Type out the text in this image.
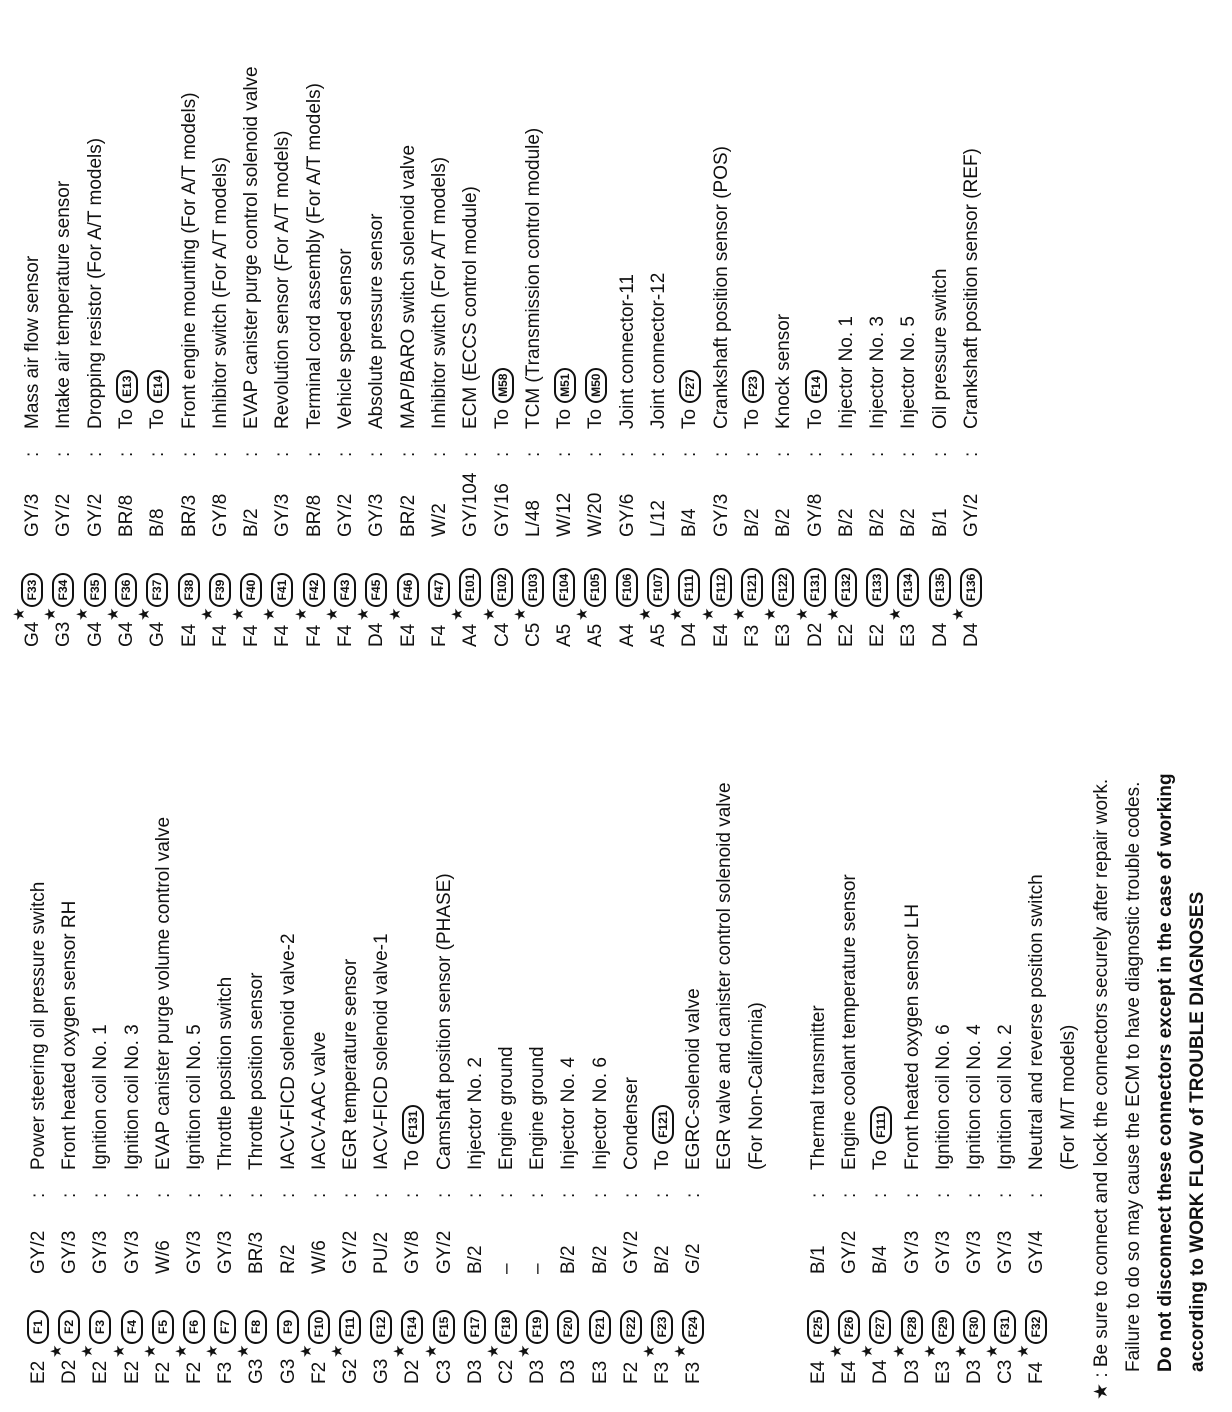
E2
F1
GY/2
:
Power steering oil pressure switch
D2
★
F2
GY/3
:
Front heated oxygen sensor RH
E2
★
F3
GY/3
:
Ignition coil No. 1
E2
★
F4
GY/3
:
Ignition coil No. 3
F2
★
F5
W/6
:
EVAP canister purge volume control valve
F2
★
F6
GY/3
:
Ignition coil No. 5
F3
★
F7
GY/3
:
Throttle position switch
G3
★
F8
BR/3
:
Throttle position sensor
G3
F9
R/2
:
IACV-FICD solenoid valve-2
F2
★
F10
W/6
:
IACV-AAC valve
G2
★
F11
GY/2
:
EGR temperature sensor
G3
F12
PU/2
:
IACV-FICD solenoid valve-1
D2
★
F14
GY/8
:
ToF131
C3
★
F15
GY/2
:
Camshaft position sensor (PHASE)
D3
F17
B/2
:
Injector No. 2
C2
★
F18
–
:
Engine ground
D3
★
F19
–
:
Engine ground
D3
F20
B/2
:
Injector No. 4
E3
F21
B/2
:
Injector No. 6
F2
F22
GY/2
:
Condenser
F3
★
F23
B/2
:
ToF121
F3
★
F24
G/2
:
EGRC-solenoid valve EGR valve and canister control solenoid valve (For Non-California)
E4
F25
B/1
:
Thermal transmitter
E4
★
F26
GY/2
:
Engine coolant temperature sensor
D4
★
F27
B/4
:
ToF111
D3
★
F28
GY/3
:
Front heated oxygen sensor LH
E3
★
F29
GY/3
:
Ignition coil No. 6
D3
★
F30
GY/3
:
Ignition coil No. 4
C3
★
F31
GY/3
:
Ignition coil No. 2
F4
★
F32
GY/4
:
Neutral and reverse position switch (For M/T models)
G4
★
F33
GY/3
:
Mass air flow sensor
G3
★
F34
GY/2
:
Intake air temperature sensor
G4
★
F35
GY/2
:
Dropping resistor (For A/T models)
G4
★
F36
BR/8
:
ToE13
G4
★
F37
B/8
:
ToE14
E4
F38
BR/3
:
Front engine mounting (For A/T models)
F4
★
F39
GY/8
:
Inhibitor switch (For A/T models)
F4
★
F40
B/2
:
EVAP canister purge control solenoid valve
F4
★
F41
GY/3
:
Revolution sensor (For A/T models)
F4
★
F42
BR/8
:
Terminal cord assembly (For A/T models)
F4
★
F43
GY/2
:
Vehicle speed sensor
D4
★
F45
GY/3
:
Absolute pressure sensor
E4
★
F46
BR/2
:
MAP/BARO switch solenoid valve
F4
F47
W/2
:
Inhibitor switch (For A/T models)
A4
★
F101
GY/104
:
ECM (ECCS control module)
C4
★
F102
GY/16
:
ToM58
C5
★
F103
L/48
:
TCM (Transmission control module)
A5
F104
W/12
:
ToM51
A5
★
F105
W/20
:
ToM50
A4
F106
GY/6
:
Joint connector-11
A5
★
F107
L/12
:
Joint connector-12
D4
★
F111
B/4
:
ToF27
E4
★
F112
GY/3
:
Crankshaft position sensor (POS)
F3
★
F121
B/2
:
ToF23
E3
★
F122
B/2
:
Knock sensor
D2
★
F131
GY/8
:
ToF14
E2
★
F132
B/2
:
Injector No. 1
E2
F133
B/2
:
Injector No. 3
E3
★
F134
B/2
:
Injector No. 5
D4
F135
B/1
:
Oil pressure switch
D4
★
F136
GY/2
:
Crankshaft position sensor (REF)
★ : Be sure to connect and lock the connectors securely after repair work. Failure to do so may cause the ECM to have diagnostic trouble codes. Do not disconnect these connectors except in the case of working according to WORK FLOW of TROUBLE DIAGNOSES
